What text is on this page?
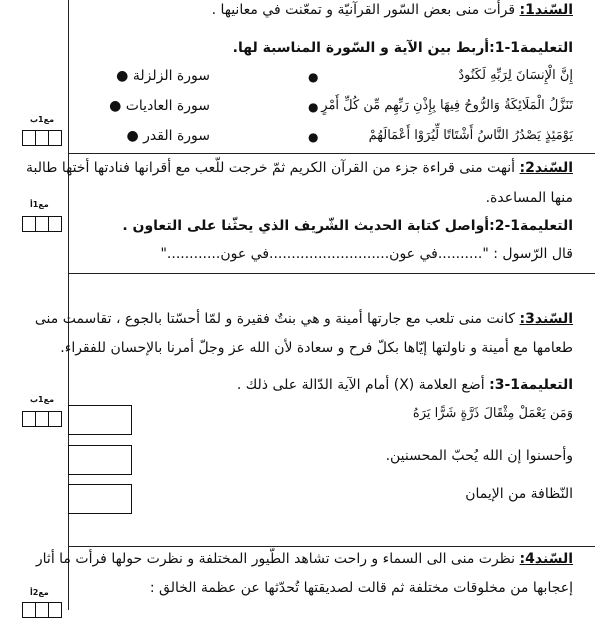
السّند1: قرأت منى بعض السّور القرآنيّة و تمعّنت في معانيها .
التعليمة1-1:أربط بين الآية و السّورة المناسبة لها.
إِنَّ الْإِنسَانَ لِرَبِّهِ لَكَنُودٌ
تَنَزَّلُ الْمَلَائِكَةُ وَالرُّوحُ فِيهَا بِإِذْنِ رَبِّهِم مِّن كُلِّ أَمْرٍ
يَوْمَئِذٍ يَصْدُرُ النَّاسُ أَشْتَاتًا لِّيُرَوْا أَعْمَالَهُمْ
●
●
●
سورة الزلزلة ●
سورة العاديات ●
سورة القدر ●
مع1ب
السّند2: أنهت منى قراءة جزء من القرآن الكريم ثمّ خرجت للّعب مع أقرانها فنادتها أختها طالبة
منها المساعدة.
التعليمة1-2:أواصل كتابة الحديث الشّريف الذي يحثّنا على التعاون .
قال الرّسول : "..........في عون...........................في عون............"
مع1أ
السّند3: كانت منى تلعب مع جارتها أمينة و هي بنتٌ فقيرة و لمّا أحسّتا بالجوع ، تقاسمت منى
طعامها مع أمينة و ناولتها إيّاها بكلّ فرح و سعادة لأن الله عز وجلّ أمرنا بالإحسان للفقراء.
التعليمة1-3: أضع العلامة (X) أمام الآية الدّالة على ذلك .
وَمَن يَعْمَلْ مِثْقَالَ ذَرَّةٍ شَرًّا يَرَهُ
وأحسنوا إن الله يُحبّ المحسنين.
النّظافة من الإيمان
مع1ب
السّند4: نظرت منى الى السماء و راحت تشاهد الطّيور المختلفة و نظرت حولها فرأت ما أثار
إعجابها من مخلوقات مختلفة ثم قالت لصديقتها تُحدّثها عن عظمة الخالق :
مع2أ
